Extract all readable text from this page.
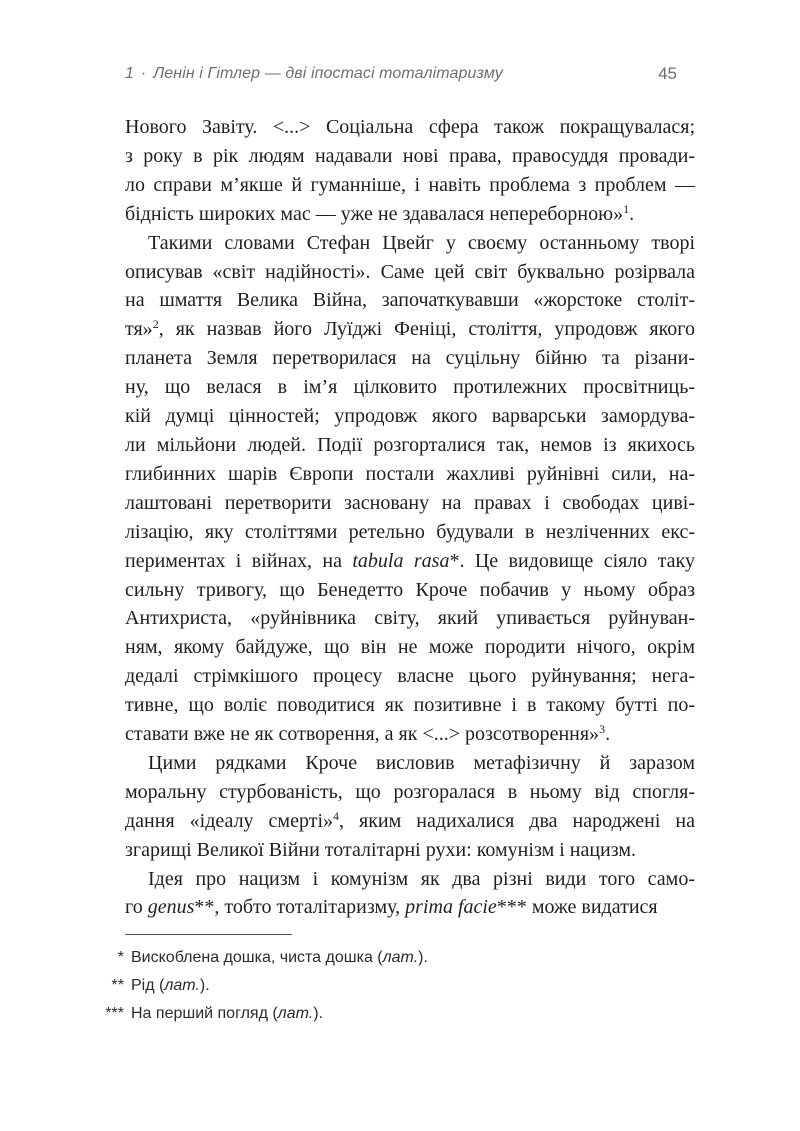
1 · Ленін і Гітлер — дві іпостасі тоталітаризму	45
Нового Завіту. <...> Соціальна сфера також покращувалася;
з року в рік людям надавали нові права, правосуддя провади-
ло справи м’якше й гуманніше, і навіть проблема з проблем —
бідність широких мас — уже не здавалася непереборною»$^1$.
Такими словами Стефан Цвейг у своєму останньому творі
описував «світ надійності». Саме цей світ буквально розірвала
на шмаття Велика Війна, започаткувавши «жорстоке століт-
тя»$^2$, як назвав його Луїджі Феніці, століття, упродовж якого
планета Земля перетворилася на суцільну бійню та різани-
ну, що велася в ім’я цілковито протилежних просвітниць-
кій думці цінностей; упродовж якого варварськи замордува-
ли мільйони людей. Події розгорталися так, немов із якихось
глибинних шарів Європи постали жахливі руйнівні сили, на-
лаштовані перетворити засновану на правах і свободах циві-
лізацію, яку століттями ретельно будували в незліченних екс-
периментах і війнах, на tabula rasa*. Це видовище сіяло таку
сильну тривогу, що Бенедетто Кроче побачив у ньому образ
Антихриста, «руйнівника світу, який упивається руйнуван-
ням, якому байдуже, що він не може породити нічого, окрім
дедалі стрімкішого процесу власне цього руйнування; нега-
тивне, що воліє поводитися як позитивне і в такому бутті по-
ставати вже не як сотворення, а як <...> розсотворення»$^3$.
Цими рядками Кроче висловив метафізичну й заразом
моральну стурбованість, що розгоралася в ньому від спогля-
дання «ідеалу смерті»$^4$, яким надихалися два народжені на
згарищі Великої Війни тоталітарні рухи: комунізм і нацизм.
Ідея про нацизм і комунізм як два різні види того само-
го genus**, тобто тоталітаризму, prima facie*** може видатися
* Вискоблена дошка, чиста дошка (лат.).
** Рід (лат.).
*** На перший погляд (лат.).
